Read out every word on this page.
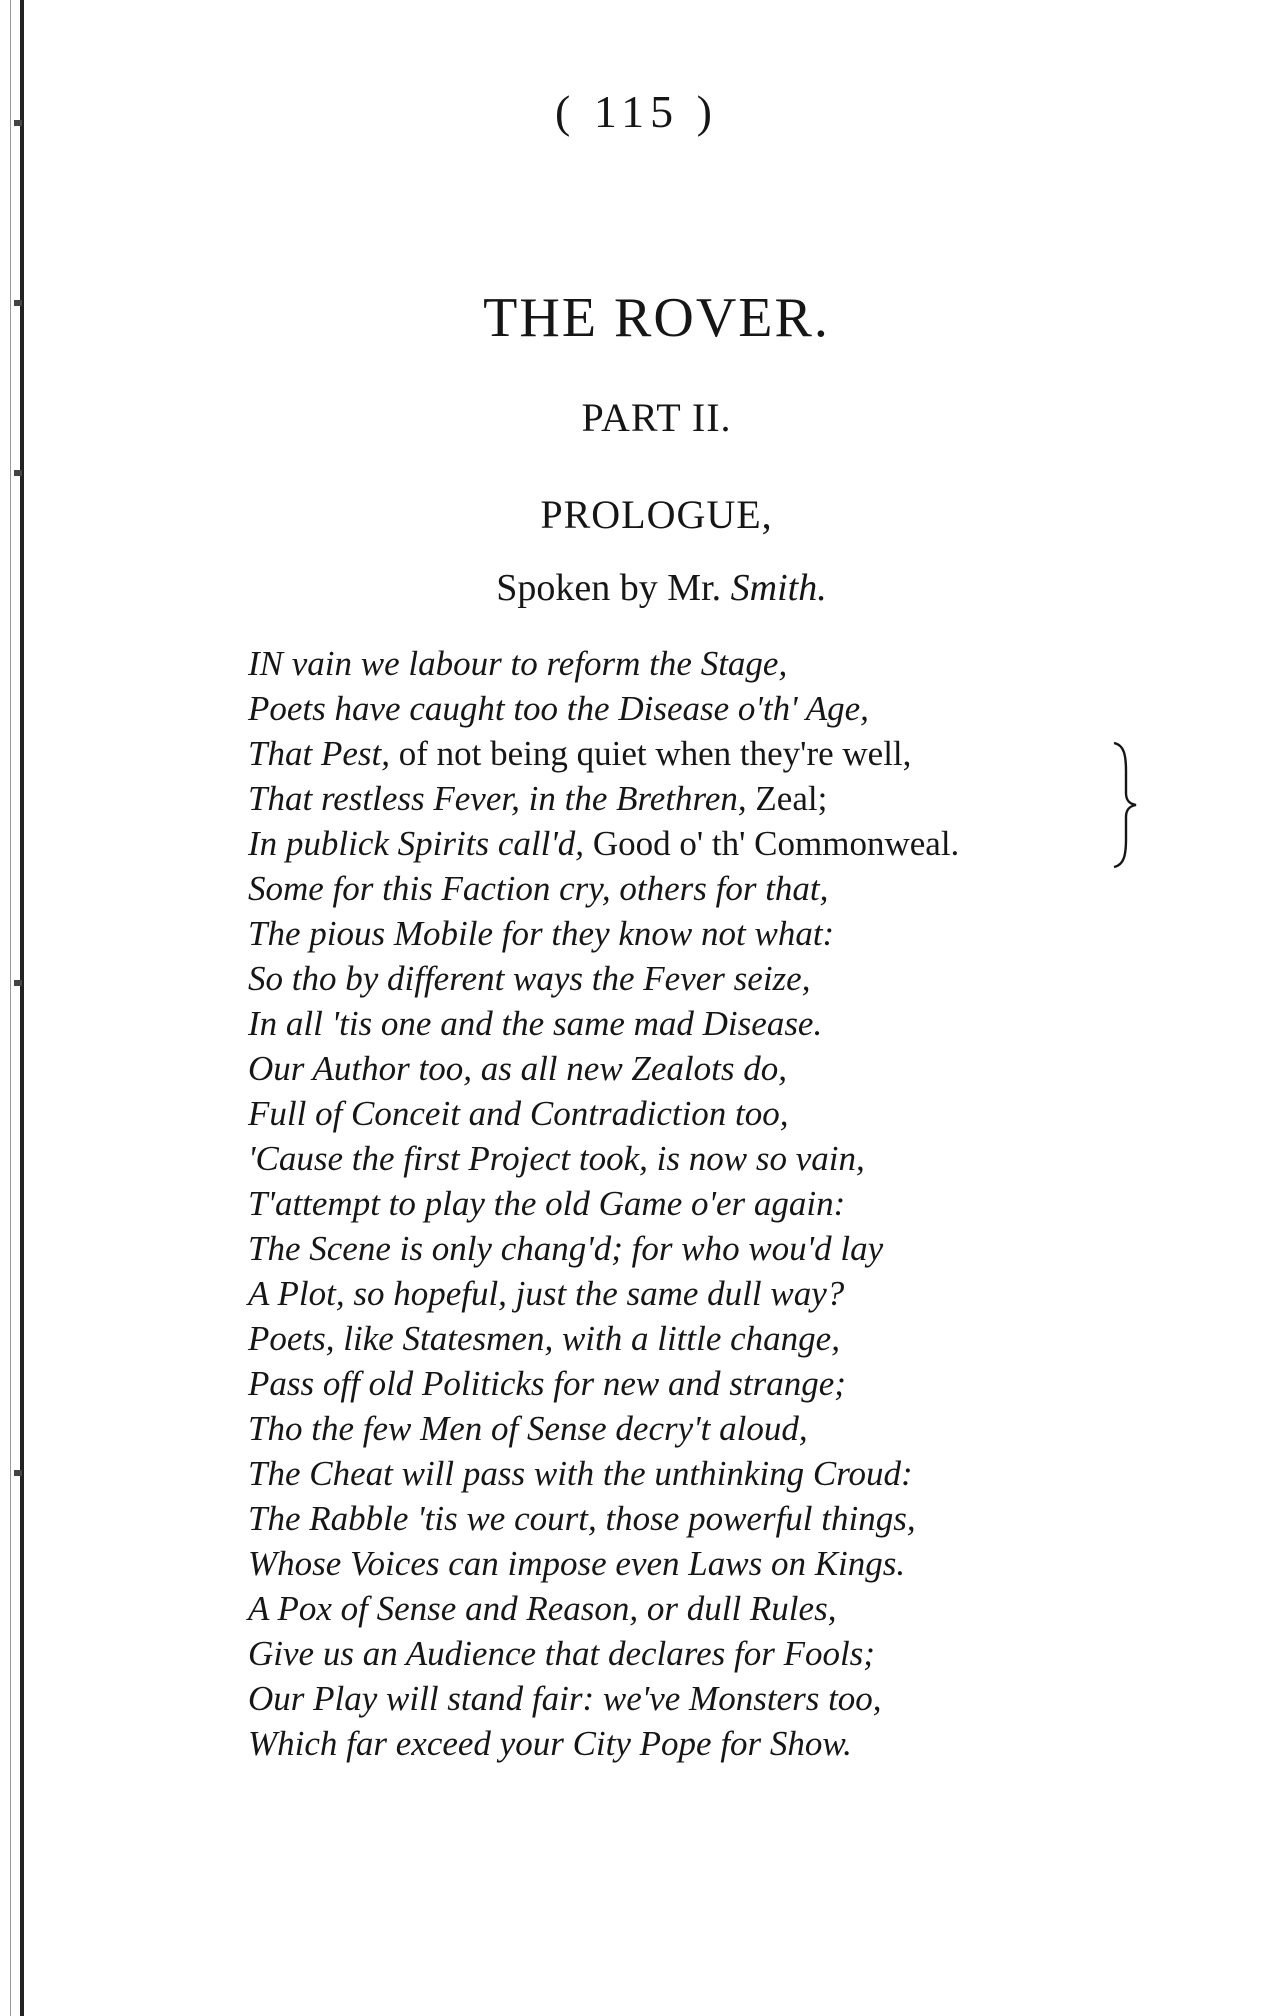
( 115 )
THE ROVER.
PART II.
PROLOGUE,
Spoken by Mr. Smith.
IN vain we labour to reform the Stage,
Poets have caught too the Disease o'th' Age,
That Pest, of not being quiet when they're well,
That restless Fever, in the Brethren, Zeal;
In publick Spirits call'd, Good o' th' Commonweal.
Some for this Faction cry, others for that,
The pious Mobile for they know not what:
So tho by different ways the Fever seize,
In all 'tis one and the same mad Disease.
Our Author too, as all new Zealots do,
Full of Conceit and Contradiction too,
'Cause the first Project took, is now so vain,
T'attempt to play the old Game o'er again:
The Scene is only chang'd; for who wou'd lay
A Plot, so hopeful, just the same dull way?
Poets, like Statesmen, with a little change,
Pass off old Politicks for new and strange;
Tho the few Men of Sense decry't aloud,
The Cheat will pass with the unthinking Croud:
The Rabble 'tis we court, those powerful things,
Whose Voices can impose even Laws on Kings.
A Pox of Sense and Reason, or dull Rules,
Give us an Audience that declares for Fools;
Our Play will stand fair: we've Monsters too,
Which far exceed your City Pope for Show.
